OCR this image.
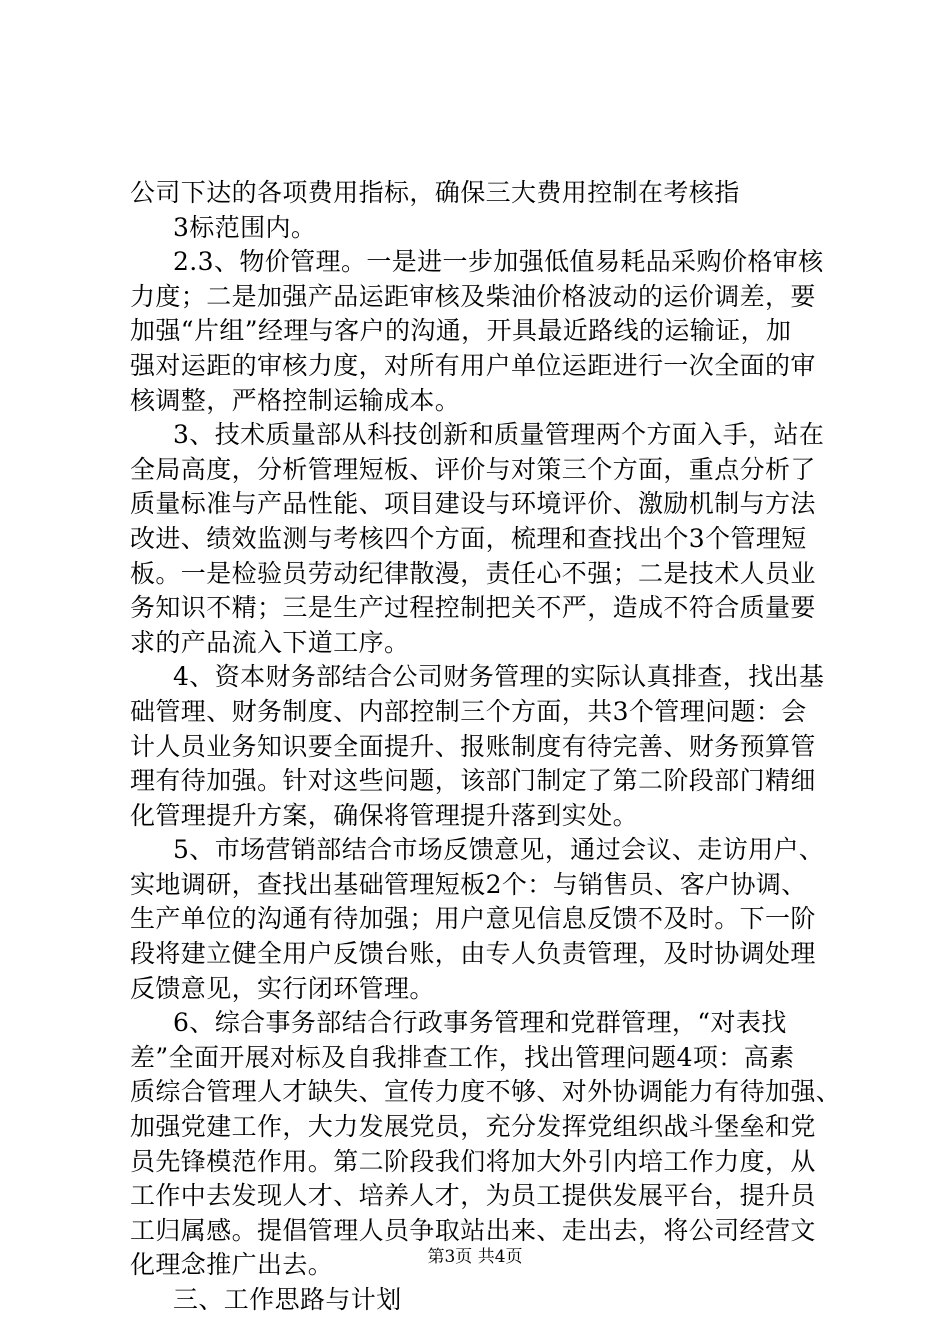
公司下达的各项费用指标，确保三大费用控制在考核指
3标范围内。
2.3、物价管理。一是进一步加强低值易耗品采购价格审核
力度；二是加强产品运距审核及柴油价格波动的运价调差，要
加强“片组”经理与客户的沟通，开具最近路线的运输证，加
强对运距的审核力度，对所有用户单位运距进行一次全面的审
核调整，严格控制运输成本。
3、技术质量部从科技创新和质量管理两个方面入手，站在
全局高度，分析管理短板、评价与对策三个方面，重点分析了
质量标准与产品性能、项目建设与环境评价、激励机制与方法
改进、绩效监测与考核四个方面，梳理和查找出个3个管理短
板。一是检验员劳动纪律散漫，责任心不强；二是技术人员业
务知识不精；三是生产过程控制把关不严，造成不符合质量要
求的产品流入下道工序。
4、资本财务部结合公司财务管理的实际认真排查，找出基
础管理、财务制度、内部控制三个方面，共3个管理问题：会
计人员业务知识要全面提升、报账制度有待完善、财务预算管
理有待加强。针对这些问题，该部门制定了第二阶段部门精细
化管理提升方案，确保将管理提升落到实处。
5、市场营销部结合市场反馈意见，通过会议、走访用户、
实地调研，查找出基础管理短板2个：与销售员、客户协调、
生产单位的沟通有待加强；用户意见信息反馈不及时。下一阶
段将建立健全用户反馈台账，由专人负责管理，及时协调处理
反馈意见，实行闭环管理。
6、综合事务部结合行政事务管理和党群管理，“对表找
差”全面开展对标及自我排查工作，找出管理问题4项：高素
质综合管理人才缺失、宣传力度不够、对外协调能力有待加强、
加强党建工作，大力发展党员，充分发挥党组织战斗堡垒和党
员先锋模范作用。第二阶段我们将加大外引内培工作力度，从
工作中去发现人才、培养人才，为员工提供发展平台，提升员
工归属感。提倡管理人员争取站出来、走出去，将公司经营文
化理念推广出去。
三、工作思路与计划
第3页 共4页
